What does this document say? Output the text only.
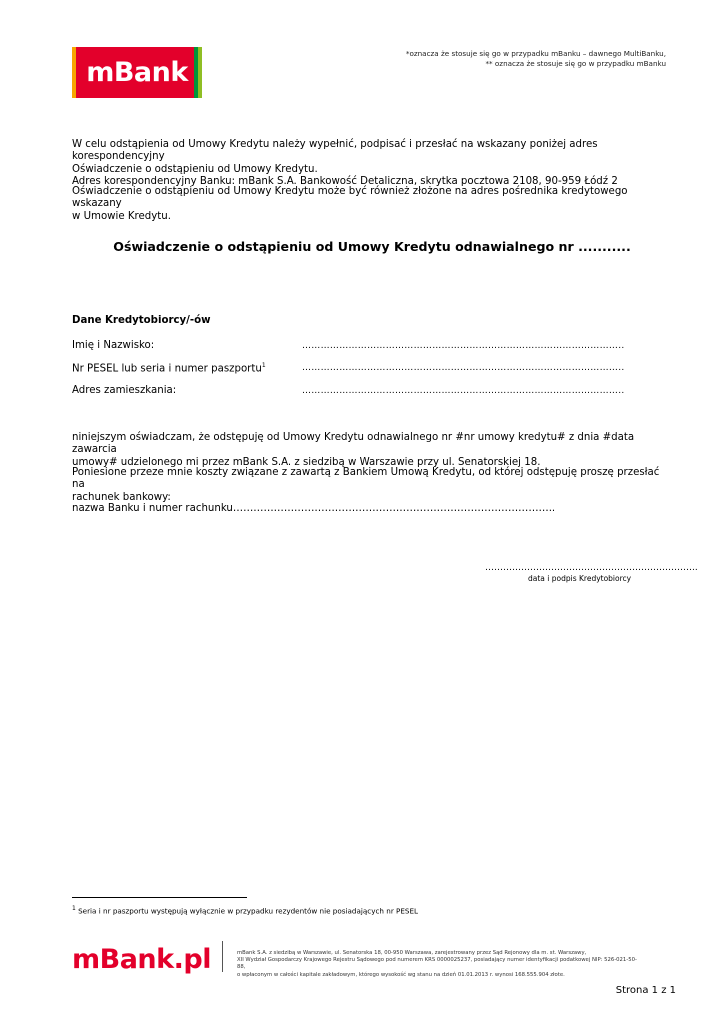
mBank
*oznacza że stosuje się go w przypadku mBanku – dawnego MultiBanku,
** oznacza że stosuje się go w przypadku mBanku
W celu odstąpienia od Umowy Kredytu należy wypełnić, podpisać i przesłać na wskazany poniżej adres korespondencyjny
Oświadczenie o odstąpieniu od Umowy Kredytu.
Adres korespondencyjny Banku: mBank S.A. Bankowość Detaliczna, skrytka pocztowa 2108, 90-959 Łódź 2
Oświadczenie o odstąpieniu od Umowy Kredytu może być również złożone na adres pośrednika kredytowego wskazany
w Umowie Kredytu.
Oświadczenie o odstąpieniu od Umowy Kredytu odnawialnego nr ...........
Dane Kredytobiorcy/-ów
Imię i Nazwisko:	…………………………………………………………………………………………..
Nr PESEL lub seria i numer paszportu$^1$	…………………………………………………………………………………………..
Adres zamieszkania:	…………………………………………………………………………………………..
niniejszym oświadczam, że odstępuję od Umowy Kredytu odnawialnego nr #nr umowy kredytu# z dnia #data zawarcia
umowy# udzielonego mi przez mBank S.A. z siedzibą w Warszawie przy ul. Senatorskiej 18.
Poniesione przeze mnie koszty związane z zawartą z Bankiem Umową Kredytu, od której odstępuję proszę przesłać na
rachunek bankowy:
nazwa Banku i numer rachunku…………………………………………………………………………………..
……………………………………………………………..
data i podpis Kredytobiorcy
$^1$ Seria i nr paszportu występują wyłącznie w przypadku rezydentów nie posiadających nr PESEL
mBank.pl	mBank S.A. z siedzibą w Warszawie, ul. Senatorska 18, 00-950 Warszawa, zarejestrowany przez Sąd Rejonowy dla m. st. Warszawy,
XII Wydział Gospodarczy Krajowego Rejestru Sądowego pod numerem KRS 0000025237, posiadający numer identyfikacji podatkowej NIP: 526-021-50-88,
o wpłaconym w całości kapitale zakładowym, którego wysokość wg stanu na dzień 01.01.2013 r. wynosi 168.555.904 złote.
Strona 1 z 1
